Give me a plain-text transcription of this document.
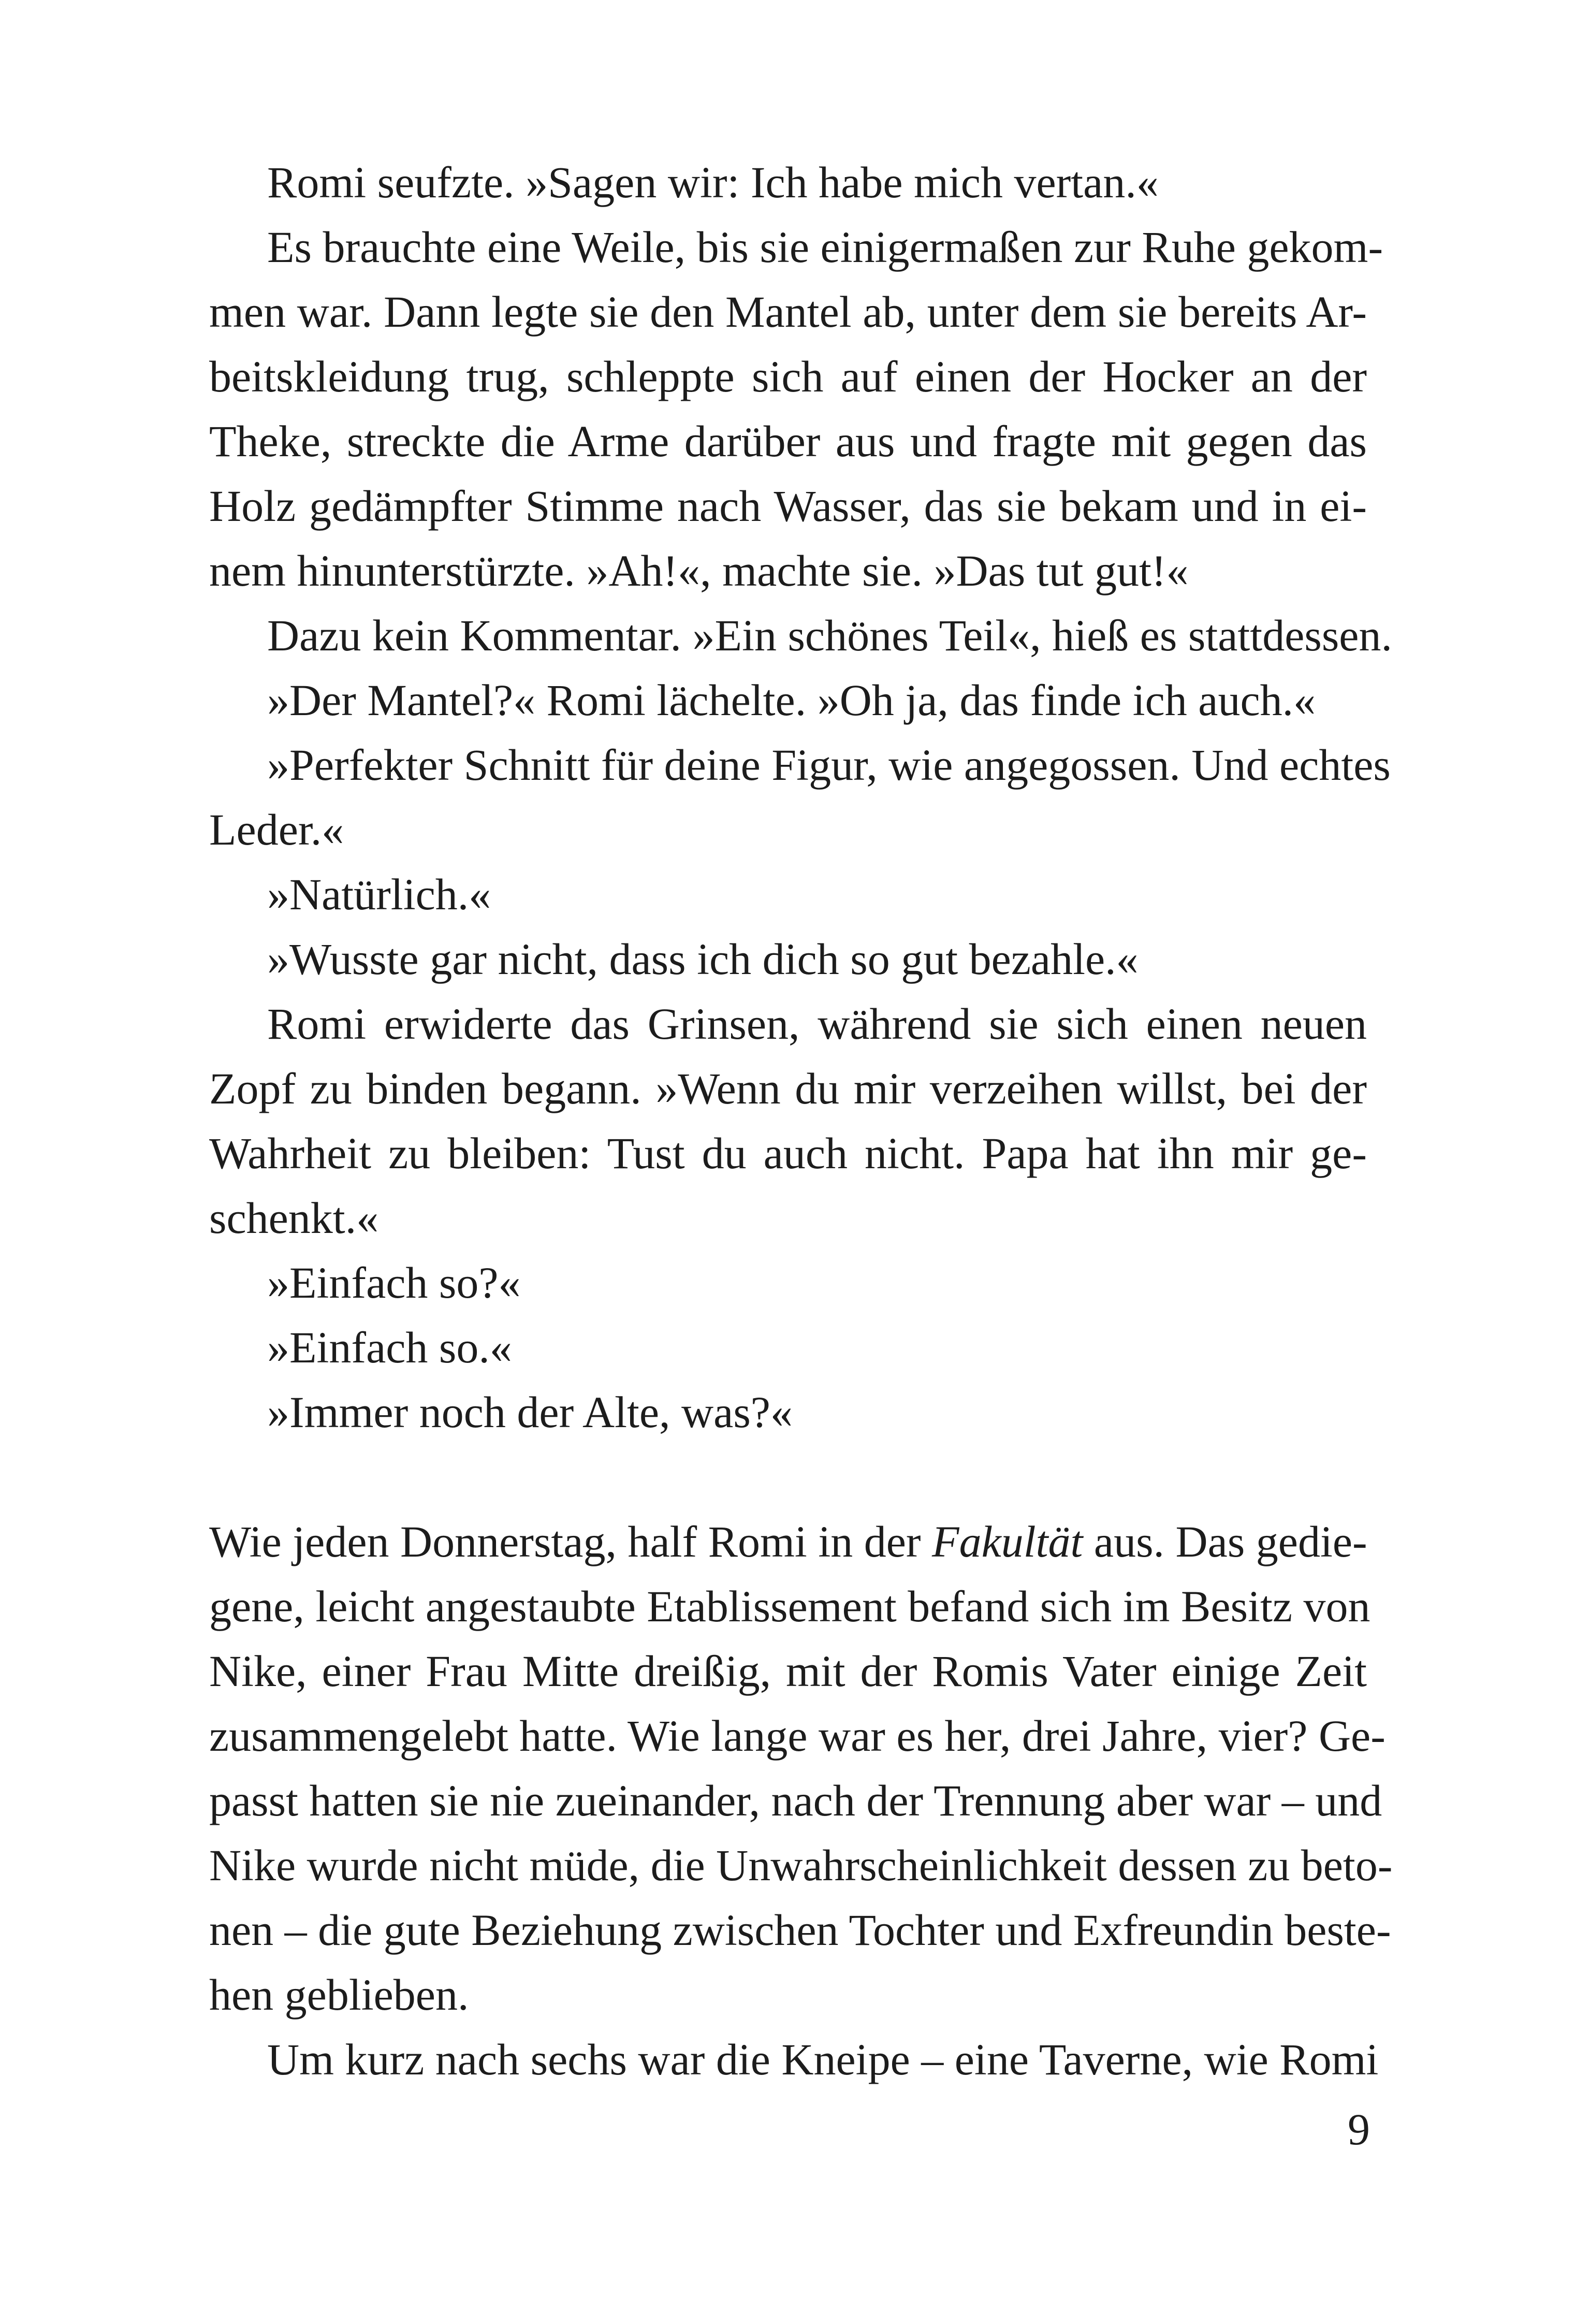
Romi seufzte. »Sagen wir: Ich habe mich vertan.«
Es brauchte eine Weile, bis sie einigermaßen zur Ruhe gekom-
men war. Dann legte sie den Mantel ab, unter dem sie bereits Ar-
beitskleidung trug, schleppte sich auf einen der Hocker an der
Theke, streckte die Arme darüber aus und fragte mit gegen das
Holz gedämpfter Stimme nach Wasser, das sie bekam und in ei-
nem hinunterstürzte. »Ah!«, machte sie. »Das tut gut!«
Dazu kein Kommentar. »Ein schönes Teil«, hieß es stattdessen.
»Der Mantel?« Romi lächelte. »Oh ja, das finde ich auch.«
»Perfekter Schnitt für deine Figur, wie angegossen. Und echtes
Leder.«
»Natürlich.«
»Wusste gar nicht, dass ich dich so gut bezahle.«
Romi erwiderte das Grinsen, während sie sich einen neuen
Zopf zu binden begann. »Wenn du mir verzeihen willst, bei der
Wahrheit zu bleiben: Tust du auch nicht. Papa hat ihn mir ge-
schenkt.«
»Einfach so?«
»Einfach so.«
»Immer noch der Alte, was?«
Wie jeden Donnerstag, half Romi in der Fakultät aus. Das gedie-
gene, leicht angestaubte Etablissement befand sich im Besitz von
Nike, einer Frau Mitte dreißig, mit der Romis Vater einige Zeit
zusammengelebt hatte. Wie lange war es her, drei Jahre, vier? Ge-
passt hatten sie nie zueinander, nach der Trennung aber war – und
Nike wurde nicht müde, die Unwahrscheinlichkeit dessen zu beto-
nen – die gute Beziehung zwischen Tochter und Exfreundin beste-
hen geblieben.
Um kurz nach sechs war die Kneipe – eine Taverne, wie Romi
9
